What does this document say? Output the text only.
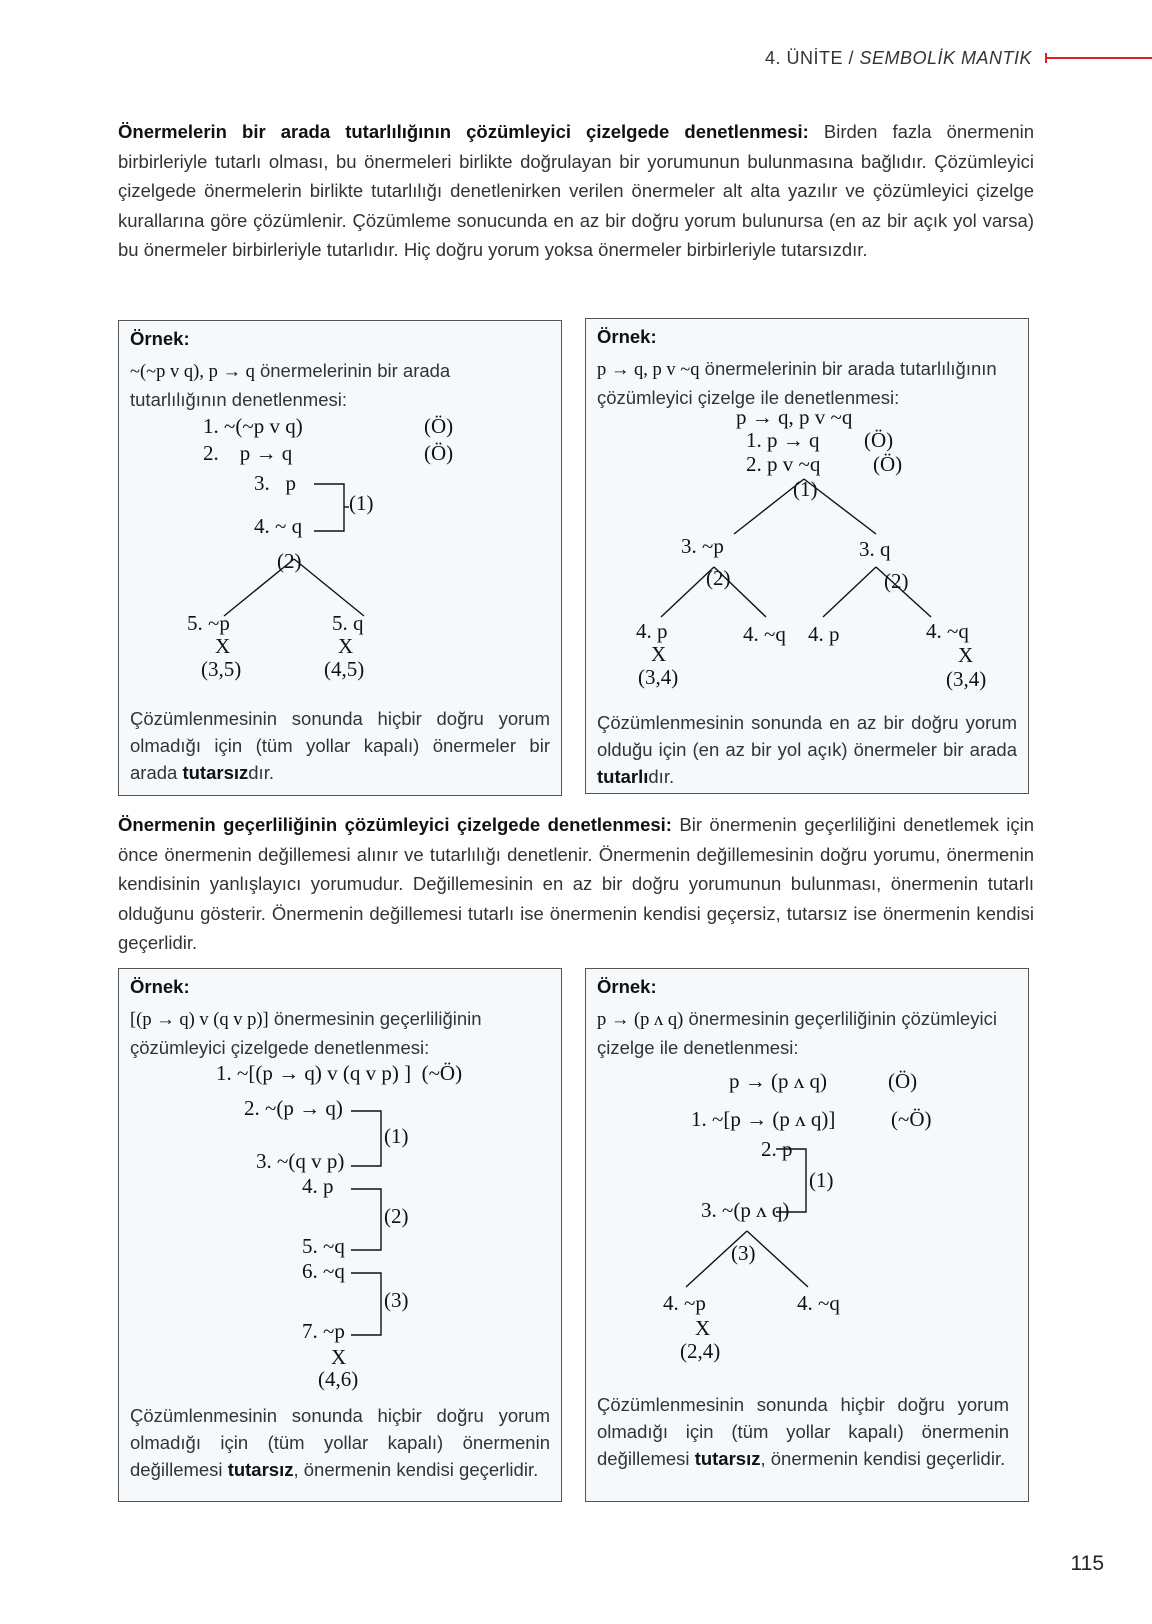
4. ÜNİTE / SEMBOLİK MANTIK
Önermelerin bir arada tutarlılığının çözümleyici çizelgede denetlenmesi: Birden fazla önermenin birbirleriyle tutarlı olması, bu önermeleri birlikte doğrulayan bir yorumunun bulunmasına bağlıdır. Çözümleyici çizelgede önermelerin birlikte tutarlılığı denetlenirken verilen önermeler alt alta yazılır ve çözümleyici çizelge kurallarına göre çözümlenir. Çözümleme sonucunda en az bir doğru yorum bulunursa (en az bir açık yol varsa) bu önermeler birbirleriyle tutarlıdır. Hiç doğru yorum yoksa önermeler birbirleriyle tutarsızdır.
Örnek:
~(~p v q), p → q önermelerinin bir arada tutarlılığının denetlenmesi:
1. ~(~p v q)	(Ö)
2.    p → q	(Ö)
3.   p
4. ~ q
(1)
(2)
5. ~p
X
(3,5)
5. q
X
(4,5)
Çözümlenmesinin sonunda hiçbir doğru yorum olmadığı için (tüm yollar kapalı) önermeler bir arada tutarsızdır.
Örnek:
p → q, p v ~q önermelerinin bir arada tutarlılığının çözümleyici çizelge ile denetlenmesi:
p → q, p v ~q
1. p → q (Ö)
2. p v ~q	(Ö)
(1)
3. ~p	3. q
(2)	(2)
4. p
X
(3,4)
4. ~q 4. p	4. ~q
X
(3,4)
Çözümlenmesinin sonunda en az bir doğru yorum olduğu için (en az bir yol açık) önermeler bir arada tutarlıdır.
Önermenin geçerliliğinin çözümleyici çizelgede denetlenmesi: Bir önermenin geçerliliğini denetlemek için önce önermenin değillemesi alınır ve tutarlılığı denetlenir. Önermenin değillemesinin doğru yorumu, önermenin kendisinin yanlışlayıcı yorumudur. Değillemesinin en az bir doğru yorumunun bulunması, önermenin tutarlı olduğunu gösterir. Önermenin değillemesi tutarlı ise önermenin kendisi geçersiz, tutarsız ise önermenin kendisi geçerlidir.
Örnek:
[(p → q) v (q v p)] önermesinin geçerliliğinin çözümleyici çizelgede denetlenmesi:
1. ~[(p → q) v (q v p) ]  (~Ö)
2. ~(p → q)
(1)
3. ~(q v p)
4. p
(2)
5. ~q
6. ~q
(3)
7. ~p
X
(4,6)
Çözümlenmesinin sonunda hiçbir doğru yorum olmadığı için (tüm yollar kapalı) önermenin değillemesi tutarsız, önermenin kendisi geçerlidir.
Örnek:
p → (p ʌ q) önermesinin geçerliliğinin çözümleyici çizelge ile denetlenmesi:
p → (p ʌ q)	(Ö)
1. ~[p → (p ʌ q)]	(~Ö)
2. p
(1)
3. ~(p ʌ q)
(3)
4. ~p
X
(2,4)
4. ~q
Çözümlenmesinin sonunda hiçbir doğru yorum olmadığı için (tüm yollar kapalı) önermenin değillemesi tutarsız, önermenin kendisi geçerlidir.
115
